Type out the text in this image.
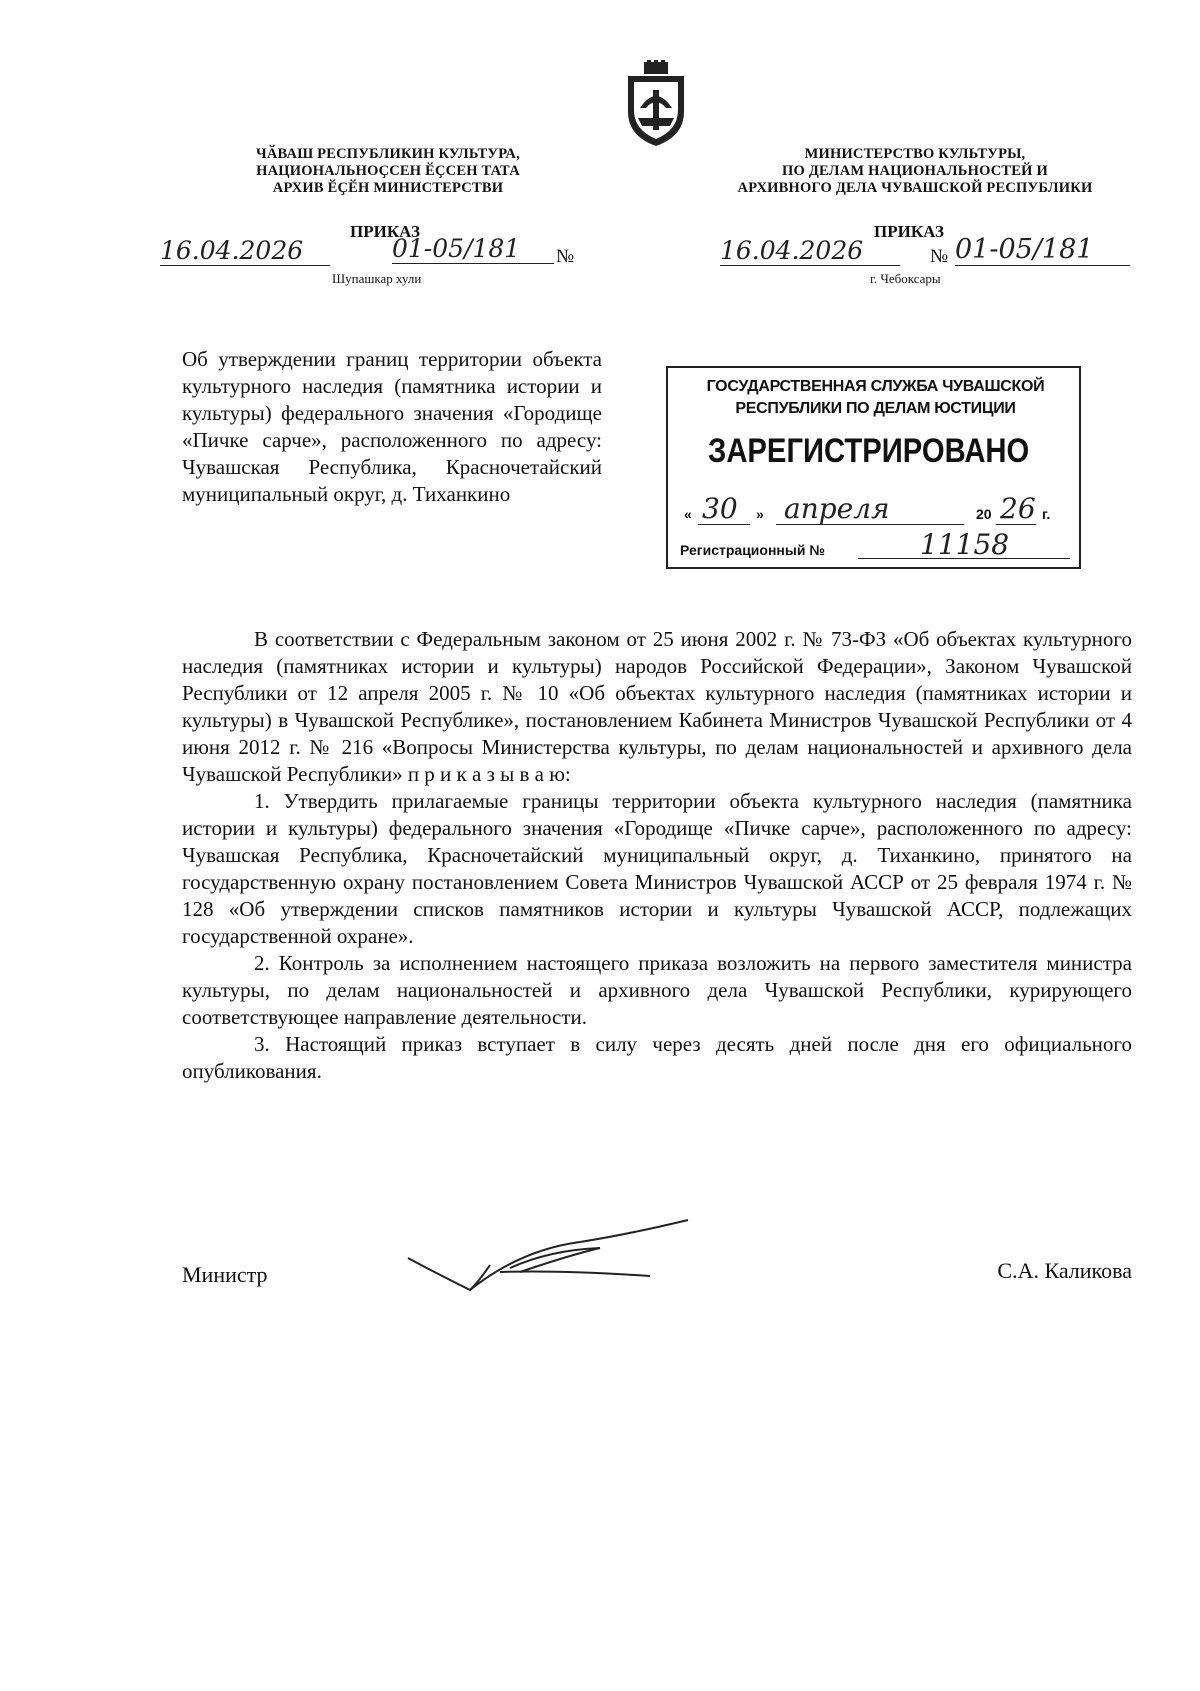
ЧӐВАШ РЕСПУБЛИКИН КУЛЬТУРА,
НАЦИОНАЛЬНОҪСЕН ӖҪСЕН ТАТА
АРХИВ ӖҪӖН МИНИСТЕРСТВИ
ПРИКАЗ
16.04.2026	01-05/181	№
Шупашкар хули
МИНИСТЕРСТВО КУЛЬТУРЫ,
ПО ДЕЛАМ НАЦИОНАЛЬНОСТЕЙ И
АРХИВНОГО ДЕЛА ЧУВАШСКОЙ РЕСПУБЛИКИ
ПРИКАЗ
16.04.2026	№ 01-05/181
г. Чебоксары
Об утверждении границ территории объекта культурного наследия (памятника истории и культуры) федерального значения «Городище «Пичке сарче», расположенного по адресу: Чувашская Республика, Красночетайский муниципальный округ, д. Тиханкино
ГОСУДАРСТВЕННАЯ СЛУЖБА ЧУВАШСКОЙ
РЕСПУБЛИКИ ПО ДЕЛАМ ЮСТИЦИИ
ЗАРЕГИСТРИРОВАНО
« 30 » апреля	20 26 г.
Регистрационный №	11158

В соответствии с Федеральным законом от 25 июня 2002 г. № 73-ФЗ «Об объектах культурного наследия (памятниках истории и культуры) народов Российской Федерации», Законом Чувашской Республики от 12 апреля 2005 г. № 10 «Об объектах культурного наследия (памятниках истории и культуры) в Чувашской Республике», постановлением Кабинета Министров Чувашской Республики от 4 июня 2012 г. № 216 «Вопросы Министерства культуры, по делам национальностей и архивного дела Чувашской Республики» п р и к а з ы в а ю:

1. Утвердить прилагаемые границы территории объекта культурного наследия (памятника истории и культуры) федерального значения «Городище «Пичке сарче», расположенного по адресу: Чувашская Республика, Красночетайский муниципальный округ, д. Тиханкино, принятого на государственную охрану постановлением Совета Министров Чувашской АССР от 25 февраля 1974 г. № 128 «Об утверждении списков памятников истории и культуры Чувашской АССР, подлежащих государственной охране».

2. Контроль за исполнением настоящего приказа возложить на первого заместителя министра культуры, по делам национальностей и архивного дела Чувашской Республики, курирующего соответствующее направление деятельности.

3. Настоящий приказ вступает в силу через десять дней после дня его официального опубликования.

Министр	С.А. Каликова
